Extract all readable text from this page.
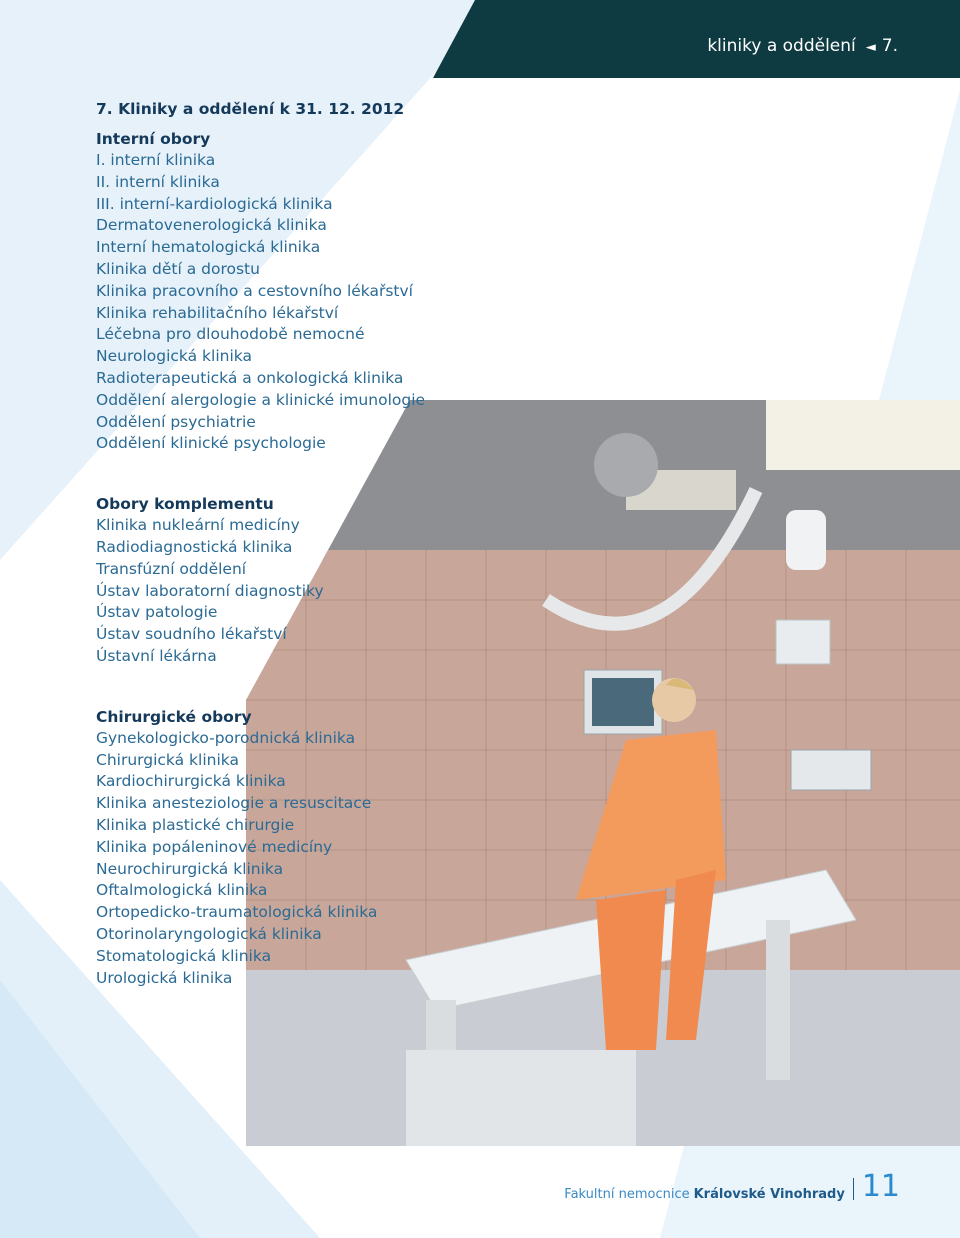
kliniky a oddělení ◄ 7.
7. Kliniky a oddělení k 31. 12. 2012
Interní obory
I. interní klinika
II. interní klinika
III. interní-kardiologická klinika
Dermatovenerologická klinika
Interní hematologická klinika
Klinika dětí a dorostu
Klinika pracovního a cestovního lékařství
Klinika rehabilitačního lékařství
Léčebna pro dlouhodobě nemocné
Neurologická klinika
Radioterapeutická a onkologická klinika
Oddělení alergologie a klinické imunologie
Oddělení psychiatrie
Oddělení klinické psychologie
Obory komplementu
Klinika nukleární medicíny
Radiodiagnostická klinika
Transfúzní oddělení
Ústav laboratorní diagnostiky
Ústav patologie
Ústav soudního lékařství
Ústavní lékárna
Chirurgické obory
Gynekologicko-porodnická klinika
Chirurgická klinika
Kardiochirurgická klinika
Klinika anesteziologie a resuscitace
Klinika plastické chirurgie
Klinika popáleninové medicíny
Neurochirurgická klinika
Oftalmologická klinika
Ortopedicko-traumatologická klinika
Otorinolaryngologická klinika
Stomatologická klinika
Urologická klinika
Fakultní nemocnice Královské Vinohrady 11
